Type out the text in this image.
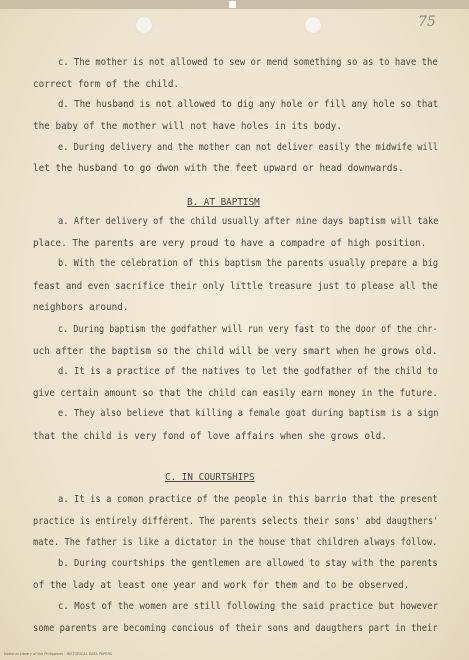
75
c. The mother is not allowed to sew or mend something so as to have the
correct form of the child.
d. The husband is not allowed to dig any hole or fill any hole so that
the baby of the mother will not have holes in its body.
e. During delivery and the mother can not deliver easily the midwife will
let the husband to go dwon with the feet upward or head downwards.
B. AT BAPTISM
a. After delivery of the child usually after nine days baptism will take
place. The parents are very proud to have a compadre of high position.
b. With the celebration of this baptism the parents usually prepare a big
feast and even sacrifice their only little treasure just to please all the
neighbors around.
c. During baptism the godfather will run very fast to the door of the chr-
uch after the baptism so the child will be very smart when he grows old.
d. It is a practice of the natives to let the godfather of the child to
give certain amount so that the child can easily earn money in the future.
e. They also believe that killing a female goat during baptism is a sign
that the child is very fond of love affairs when she grows old.
C. IN COURTSHIPS
a. It is a comon practice of the people in this barrio that the present
practice is entirely different. The parents selects their sons' abd daugthers'
mate. The father is like a dictator in the house that children always follow.
b. During courtships the gentlemen are allowed to stay with the parents
of the lady at least one year and work for them and to be observed.
c. Most of the women are still following the said practice but however
some parents are becoming concious of their sons and daugthers part in their
National Library of the Philippines · HISTORICAL DATA PAPERS
